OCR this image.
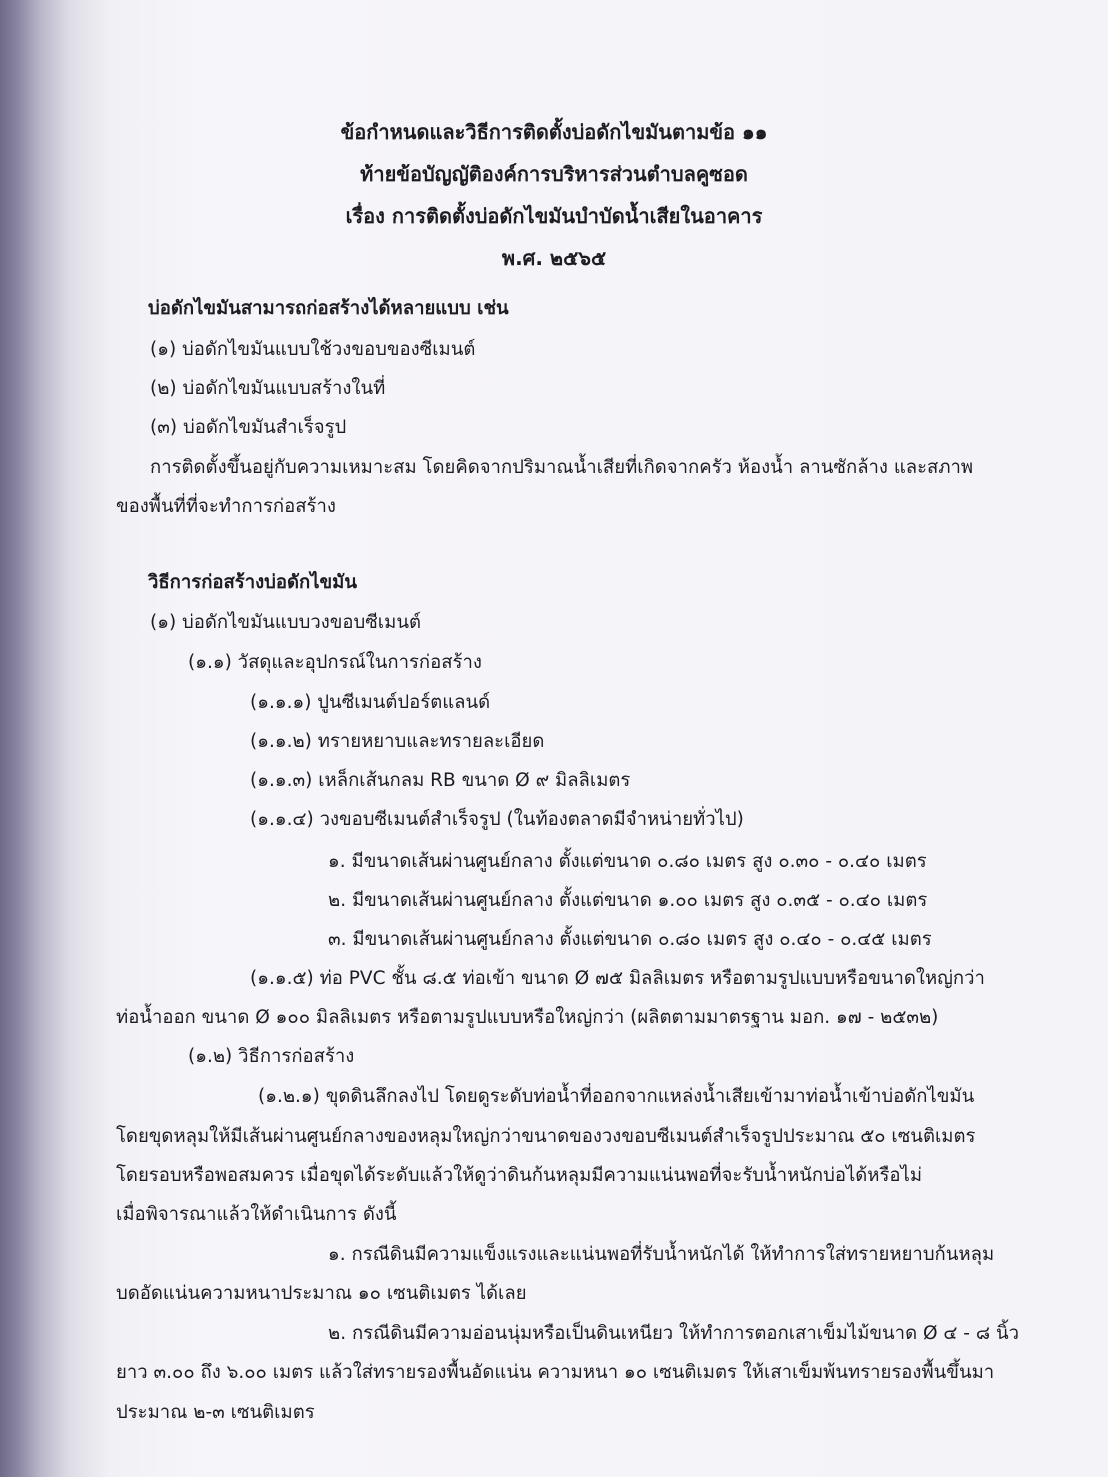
ข้อกำหนดและวิธีการติดตั้งบ่อดักไขมันตามข้อ ๑๑
ท้ายข้อบัญญัติองค์การบริหารส่วนตำบลคูซอด
เรื่อง การติดตั้งบ่อดักไขมันบำบัดน้ำเสียในอาคาร
พ.ศ. ๒๕๖๕
บ่อดักไขมันสามารถก่อสร้างได้หลายแบบ เช่น
(๑) บ่อดักไขมันแบบใช้วงขอบของซีเมนต์
(๒) บ่อดักไขมันแบบสร้างในที่
(๓) บ่อดักไขมันสำเร็จรูป
การติดตั้งขึ้นอยู่กับความเหมาะสม โดยคิดจากปริมาณน้ำเสียที่เกิดจากครัว ห้องน้ำ ลานซักล้าง และสภาพ
ของพื้นที่ที่จะทำการก่อสร้าง
วิธีการก่อสร้างบ่อดักไขมัน
(๑) บ่อดักไขมันแบบวงขอบซีเมนต์
(๑.๑) วัสดุและอุปกรณ์ในการก่อสร้าง
(๑.๑.๑) ปูนซีเมนต์ปอร์ตแลนด์
(๑.๑.๒) ทรายหยาบและทรายละเอียด
(๑.๑.๓) เหล็กเส้นกลม RB ขนาด Ø ๙ มิลลิเมตร
(๑.๑.๔) วงขอบซีเมนต์สำเร็จรูป (ในท้องตลาดมีจำหน่ายทั่วไป)
๑. มีขนาดเส้นผ่านศูนย์กลาง ตั้งแต่ขนาด ๐.๘๐ เมตร สูง ๐.๓๐ - ๐.๔๐ เมตร
๒. มีขนาดเส้นผ่านศูนย์กลาง ตั้งแต่ขนาด ๑.๐๐ เมตร สูง ๐.๓๕ - ๐.๔๐ เมตร
๓. มีขนาดเส้นผ่านศูนย์กลาง ตั้งแต่ขนาด ๐.๘๐ เมตร สูง ๐.๔๐ - ๐.๔๕ เมตร
(๑.๑.๕) ท่อ PVC ชั้น ๘.๕ ท่อเข้า ขนาด Ø ๗๕ มิลลิเมตร หรือตามรูปแบบหรือขนาดใหญ่กว่า
ท่อน้ำออก ขนาด Ø ๑๐๐ มิลลิเมตร หรือตามรูปแบบหรือใหญ่กว่า (ผลิตตามมาตรฐาน มอก. ๑๗ - ๒๕๓๒)
(๑.๒) วิธีการก่อสร้าง
(๑.๒.๑) ขุดดินลึกลงไป โดยดูระดับท่อน้ำที่ออกจากแหล่งน้ำเสียเข้ามาท่อน้ำเข้าบ่อดักไขมัน
โดยขุดหลุมให้มีเส้นผ่านศูนย์กลางของหลุมใหญ่กว่าขนาดของวงขอบซีเมนต์สำเร็จรูปประมาณ ๕๐ เซนติเมตร
โดยรอบหรือพอสมควร เมื่อขุดได้ระดับแล้วให้ดูว่าดินก้นหลุมมีความแน่นพอที่จะรับน้ำหนักบ่อได้หรือไม่
เมื่อพิจารณาแล้วให้ดำเนินการ ดังนี้
๑. กรณีดินมีความแข็งแรงและแน่นพอที่รับน้ำหนักได้ ให้ทำการใส่ทรายหยาบก้นหลุม
บดอัดแน่นความหนาประมาณ ๑๐ เซนติเมตร ได้เลย
๒. กรณีดินมีความอ่อนนุ่มหรือเป็นดินเหนียว ให้ทำการตอกเสาเข็มไม้ขนาด Ø ๔ - ๘ นิ้ว
ยาว ๓.๐๐ ถึง ๖.๐๐ เมตร แล้วใส่ทรายรองพื้นอัดแน่น ความหนา ๑๐ เซนติเมตร ให้เสาเข็มพ้นทรายรองพื้นขึ้นมา
ประมาณ ๒-๓ เซนติเมตร
